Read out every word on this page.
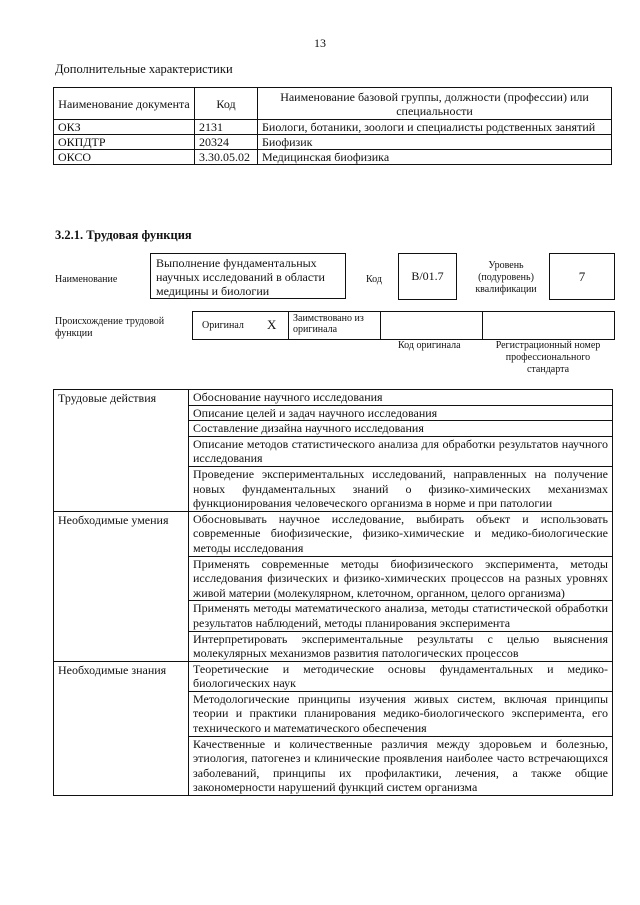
13
Дополнительные характеристики
Наименование документа	Код	Наименование базовой группы, должности (профессии) или специальности
ОКЗ	2131	Биологи, ботаники, зоологи и специалисты родственных занятий
ОКПДТР	20324	Биофизик
ОКСО	3.30.05.02	Медицинская биофизика
3.2.1. Трудовая функция
Наименование
Выполнение фундаментальных научных исследований в области медицины и биологии
Код	B/01.7
Уровень (подуровень) квалификации
7
Происхождение трудовой функции
Оригинал X Заимствовано из оригинала
Код оригинала	Регистрационный номер профессионального стандарта
Трудовые действия	Обоснование научного исследования
	Описание целей и задач научного исследования
	Составление дизайна научного исследования
	Описание методов статистического анализа для обработки результатов научного исследования
	Проведение экспериментальных исследований, направленных на получение новых фундаментальных знаний о физико-химических механизмах функционирования человеческого организма в норме и при патологии
Необходимые умения	Обосновывать научное исследование, выбирать объект и использовать современные биофизические, физико-химические и медико-биологические методы исследования
	Применять современные методы биофизического эксперимента, методы исследования физических и физико-химических процессов на разных уровнях живой материи (молекулярном, клеточном, органном, целого организма)
	Применять методы математического анализа, методы статистической обработки результатов наблюдений, методы планирования эксперимента
	Интерпретировать экспериментальные результаты с целью выяснения молекулярных механизмов развития патологических процессов
Необходимые знания	Теоретические и методические основы фундаментальных и медико-биологических наук
	Методологические принципы изучения живых систем, включая принципы теории и практики планирования медико-биологического эксперимента, его технического и математического обеспечения
	Качественные и количественные различия между здоровьем и болезнью, этиология, патогенез и клинические проявления наиболее часто встречающихся заболеваний, принципы их профилактики, лечения, а также общие закономерности нарушений функций систем организма
